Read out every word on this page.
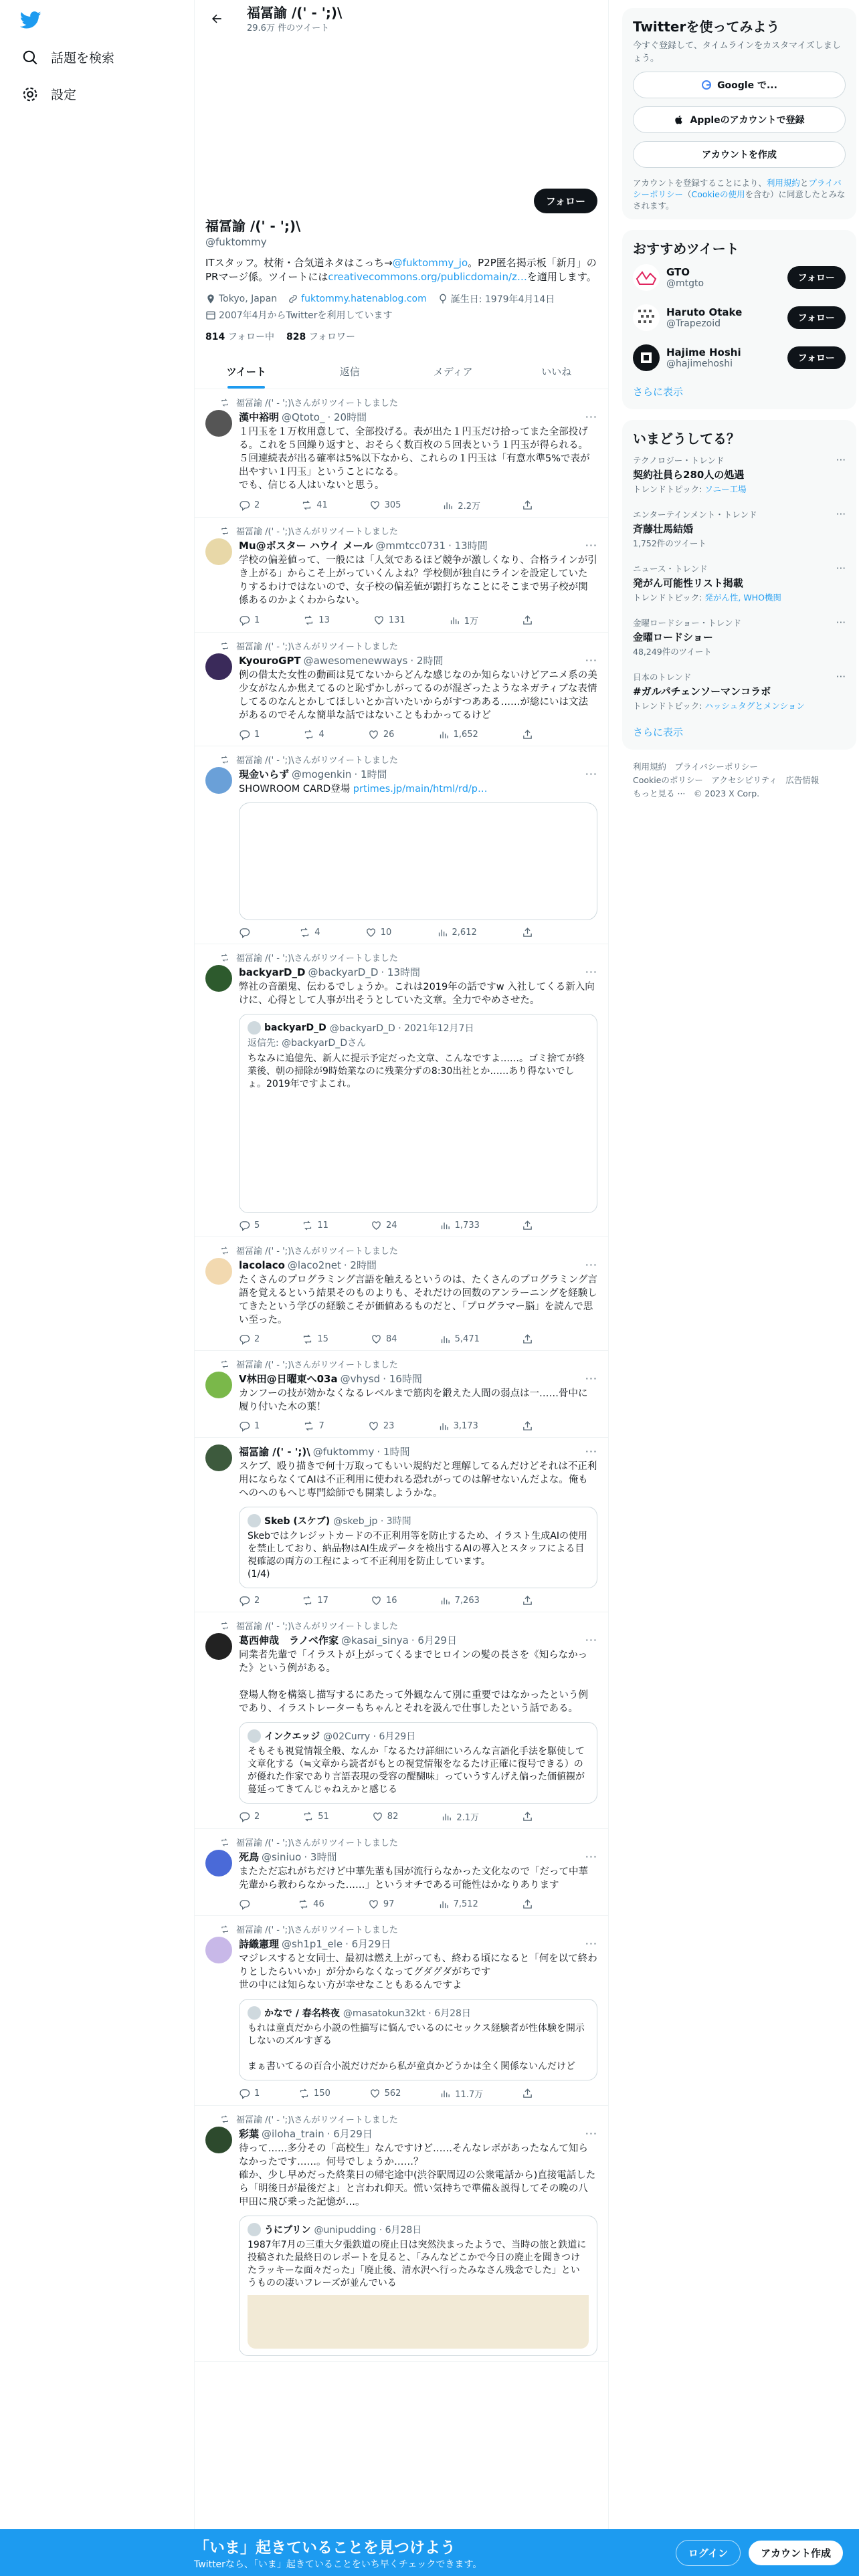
話題を検索
設定
福冨諭 /(' - ';)\
29.6万 件のツイート
フォロー
福冨諭 /(' - ';)\
@fuktommy
ITスタッフ。杖術・合気道ネタはこっち→@fuktommy_jo。P2P匿名掲示板「新月」のPRマージ係。ツイートにはcreativecommons.org/publicdomain/z…を適用します。
Tokyo, Japan	fuktommy.hatenablog.com	誕生日: 1979年4月14日
2007年4月からTwitterを利用しています
814 フォロー中 828 フォロワー
ツイート	返信	メディア	いいね
福冨諭 /(' - ';)\さんがリツイートしました
漢中裕明 @Qtoto_ · 20時間	···
１円玉を１万枚用意して、全部投げる。表が出た１円玉だけ拾ってまた全部投げる。これを５回繰り返すと、おそらく数百枚の５回表という１円玉が得られる。
５回連続表が出る確率は5%以下なから、これらの１円玉は「有意水準5%で表が出やすい１円玉」ということになる。
でも、信じる人はいないと思う。
2	41	305	2.2万
福冨諭 /(' - ';)\さんがリツイートしました
Mu@ボスター ハウイ メール @mmtcc0731 · 13時間	···
学校の偏差値って、一般には「人気であるほど競争が激しくなり、合格ラインが引き上がる」からこそ上がっていくんよね？学校側が独自にラインを設定していたりするわけではないので、女子校の偏差値が顕打ちなことにそこまで男子校が関係あるのかよくわからない。
1	13	131	1万
福冨諭 /(' - ';)\さんがリツイートしました
KyouroGPT @awesomenewways · 2時間	···
例の借太た女性の動画は見てないからどんな感じなのか知らないけどアニメ系の美少女がなんか焦えてるのと恥ずかしがってるのが混ざったようなネガティブな表情してるのなんとかしてほしいとか言いたいからがすつあある……が総にいは文法があるのでそんな簡単な話ではないこともわかってるけど
1	4	26	1,652
福冨諭 /(' - ';)\さんがリツイートしました
現金いらず @mogenkin · 1時間	···
SHOWROOM CARD登場 prtimes.jp/main/html/rd/p…
4	10	2,612
福冨諭 /(' - ';)\さんがリツイートしました
backyarD_D @backyarD_D · 13時間	···
弊社の音韻鬼、伝わるでしょうか。これは2019年の話ですw 入社してくる新入向けに、心得として人事が出そうとしていた文章。全力でやめさせた。
backyarD_D @backyarD_D · 2021年12月7日
返信先: @backyarD_Dさん
ちなみに追億先、新人に提示予定だった文章、こんなですよ……。ゴミ捨てが終業後、朝の掃除が9時始業なのに残業分ずの8:30出社とか……あり得ないでしょ。2019年ですよこれ。
5	11	24	1,733
福冨諭 /(' - ';)\さんがリツイートしました
lacolaco @laco2net · 2時間	···
たくさんのプログラミング言語を触えるというのは、たくさんのプログラミング言語を覚えるという結果そのものよりも、それだけの回数のアンラーニングを経験してきたという学びの経験こそが価値あるものだと、「プログラマー脳」を読んで思い至った。
2	15	84	5,471
福冨諭 /(' - ';)\さんがリツイートしました
V林田@日曜東へ03a @vhysd · 16時間	···
カンフーの技が効かなくなるレベルまで筋肉を鍛えた人間の弱点は一……骨中に履り付いた木の葉！
1	7	23	3,173
福冨諭 /(' - ';)\ @fuktommy · 1時間	···
スケブ、殴り描きで何十万取ってもいい規約だと理解してるんだけどそれは不正利用にならなくてAIは不正利用に使われる恐れがってのは解せないんだよな。俺もへのへのもへじ専門絵師でも開業しようかな。
Skeb (スケブ) @skeb_jp · 3時間
Skebではクレジットカードの不正利用等を防止するため、イラスト生成AIの使用を禁止しており、納品物はAI生成データを検出するAIの導入とスタッフによる目視確認の両方の工程によって不正利用を防止しています。
(1/4)
2	17	16	7,263
福冨諭 /(' - ';)\さんがリツイートしました
葛西伸哉　ラノベ作家 @kasai_sinya · 6月29日	···
同業者先輩で「イラストが上がってくるまでヒロインの髪の長さを《知らなかった》という例がある。

登場人物を構築し描写するにあたって外観なんて別に重要ではなかったという例であり、イラストレーターもちゃんとそれを汲んで仕事したという話である。
インクエッジ @02Curry · 6月29日
そもそも視覚情報全般、なんか「なるたけ詳細にいろんな言語化手法を駆使して文章化する（≒文章から読者がもとの視覚情報をなるたけ正確に復号できる）のが優れた作家であり言語表現の受容の醍醐味」っていうすんげえ偏った価値観が蔓延ってきてんじゃねえかと感じる
2	51	82	2.1万
福冨諭 /(' - ';)\さんがリツイートしました
死鳥 @siniuo · 3時間	···
またただ忘れがちだけど中華先輩も国が流行らなかった文化なので「だって中華先輩から教わらなかった……」というオチである可能性はかなりあります
46	97	7,512
福冨諭 /(' - ';)\さんがリツイートしました
詩織憲理 @sh1p1_ele · 6月29日	···
マジレスすると女同士、最初は燃え上がっても、終わる頃になると「何を以て終わりとしたらいいか」が分からなくなってグダグダがちです
世の中には知らない方が幸せなこともあるんですよ
かなで / 春名柊夜 @masatokun32kt · 6月28日
もれは童貞だから小説の性描写に悩んでいるのにセックス経験者が性体験を開示しないのズルすぎる

まぁ書いてるの百合小説だけだから私が童貞かどうかは全く関係ないんだけど
1	150	562	11.7万
福冨諭 /(' - ';)\さんがリツイートしました
彩葉 @iloha_train · 6月29日	···
待って……多分その「高校生」なんですけど……そんなレポがあったなんて知らなかったです……。何号でしょうか……？
確か、少し早めだった終業日の帰宅途中(渋谷駅周辺の公衆電話から)直接電話したら「明後日が最後だよ」と言われ仰天。慌い気持ちで準備＆説得してその晩の八甲田に飛び乗った記憶が…。
うにプリン @unipudding · 6月28日
1987年7月の三重大夕張鉄道の廃止日は突然決まったようで、当時の旅と鉄道に投稿された最終日のレポートを見ると、「みんなどこかで今日の廃止を聞きつけたラッキーな面々だった」「廃止後、清水沢へ行ったみなさん残念でした」というものの凄いフレーズが並んでいる
Twitterを使ってみよう
今すぐ登録して、タイムラインをカスタマイズしましょう。
Google で...
Appleのアカウントで登録
アカウントを作成
アカウントを登録することにより、利用規約とプライバシーポリシー（Cookieの使用を含む）に同意したとみなされます。
おすすめツイート
GTO
@mtgto	フォロー
Haruto Otake
@Trapezoid	フォロー
Hajime Hoshi
@hajimehoshi	フォロー
さらに表示
いまどうしてる？
テクノロジー・トレンド
契約社員ら280人の処遇
トレンドトピック: ソニー工場
···
エンターテインメント・トレンド
斉藤壮馬結婚
1,752件のツイート
···
ニュース・トレンド
発がん可能性リスト掲載
トレンドトピック: 発がん性, WHO機関
···
金曜ロードショー・トレンド
金曜ロードショー
48,249件のツイート
···
日本のトレンド
#ガルパチェンソーマンコラボ
トレンドトピック: ハッシュタグとメンション
···
さらに表示
利用規約　プライバシーポリシー
Cookieのポリシー　アクセシビリティ　広告情報
もっと見る ···　© 2023 X Corp.
「いま」起きていることを見つけよう
Twitterなら、「いま」起きていることをいち早くチェックできます。
ログイン	アカウント作成
